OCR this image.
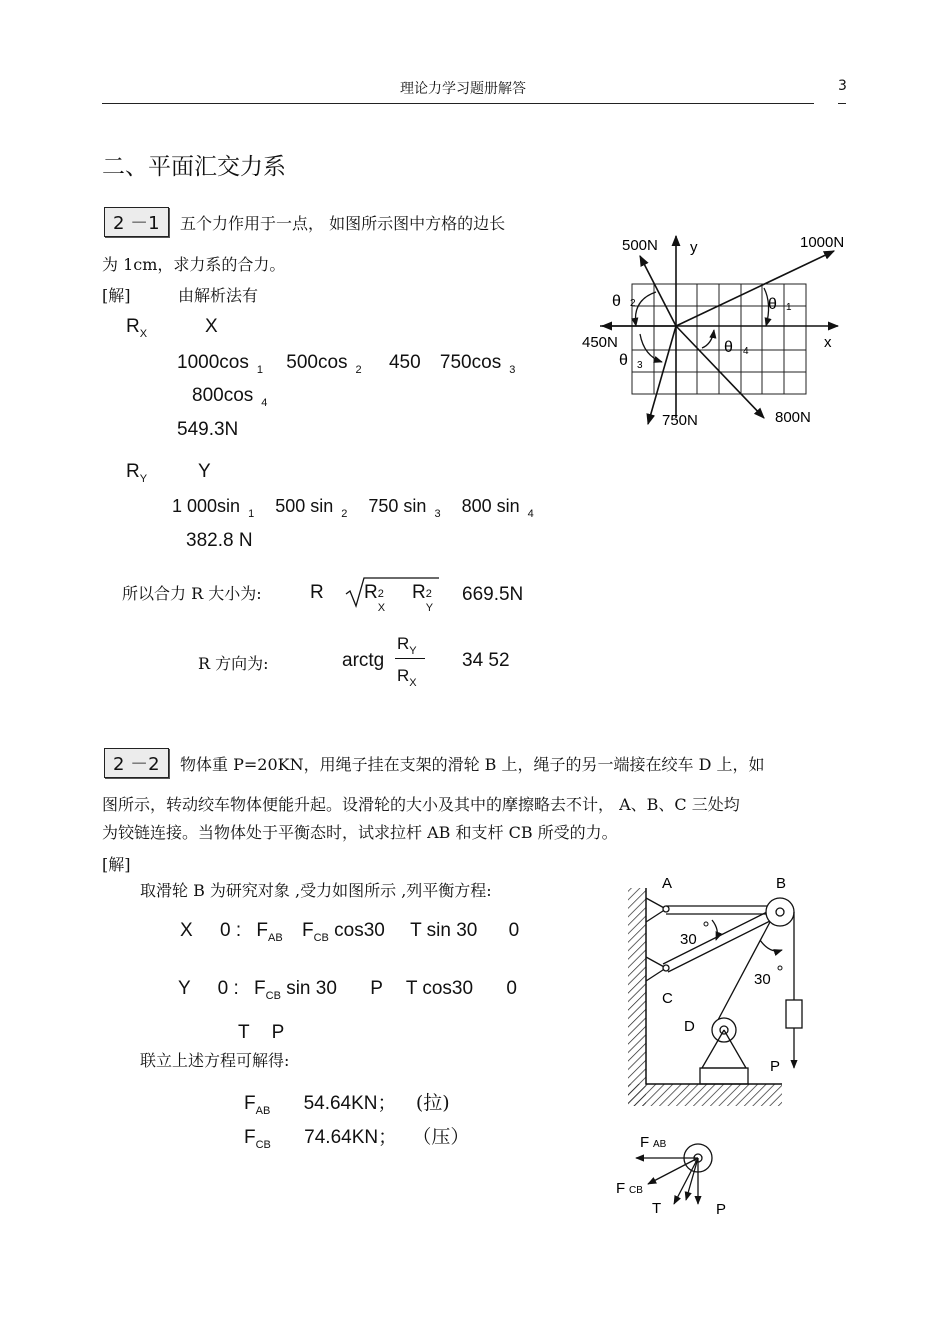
理论力学习题册解答	3
二、平面汇交力系
2 －1	五个力作用于一点， 如图所示图中方格的边长
为 1cm，求力系的合力。
[解]	由解析法有
$R_X$	X
1000cos $_1$ 500cos $_2$ 450 750cos $_3$
800cos $_4$
549.3N
$R_Y$	Y
1 000sin $_1$ 500 sin $_2$ 750 sin $_3$ 800 sin $_4$
382.8 N
所以合力 R 大小为:	R R 2
X
R 2
Y
669.5N
R 方向为:	arctg
$R_Y$
$R_X$
34 52
500N y	1000N
θ 2	θ 1
450N	x
θ 3
θ 4
750N	800N
2 －2	物体重 P=20KN，用绳子挂在支架的滑轮 B 上，绳子的另一端接在绞车 D 上，如
图所示，转动绞车物体便能升起。设滑轮的大小及其中的摩擦略去不计， A、B、C 三处均
为铰链连接。当物体处于平衡态时，试求拉杆 AB 和支杆 CB 所受的力。
[解]
取滑轮 B 为研究对象 ,受力如图所示 ,列平衡方程:
X 0 : $F_{AB}$ $F_{CB}$ cos30 T sin 30 0
Y 0 : $F_{CB}$ sin 30 P T cos30 0
T P
联立上述方程可解得:
$F_{AB}$ 54.64KN； (拉)
$F_{CB}$ 74.64KN； （压）
A	B
30
30
C
D
P
F AB
F CB
T	P
